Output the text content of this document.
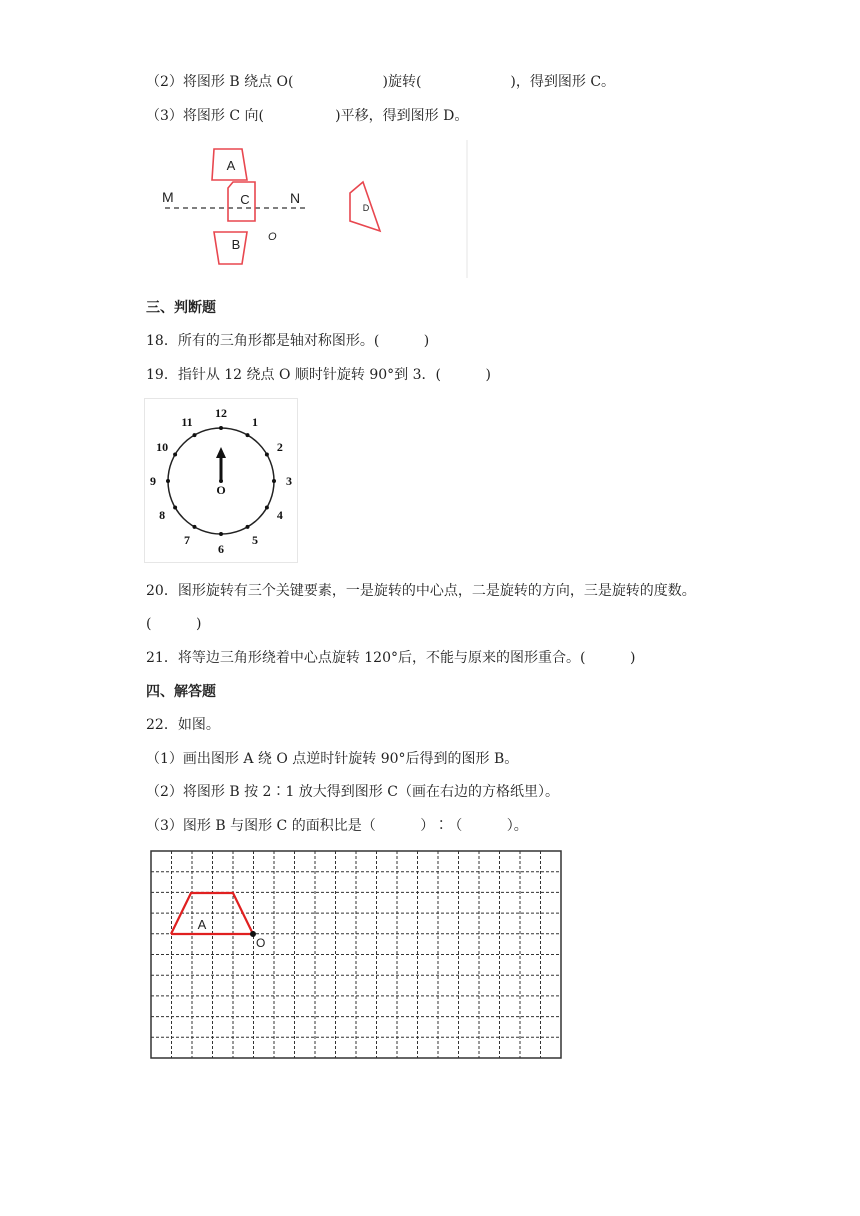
（2）将图形 B 绕点 O(                    )旋转(                    )，得到图形 C。
（3）将图形 C 向(                )平移，得到图形 D。
M	N
A
C
B	O
D
三、判断题
18．所有的三角形都是轴对称图形。(          )
19．指针从 12 绕点 O 顺时针旋转 90°到 3．(          )
12
1
2
3
4
5
6
7
8
9
10
11
O
20．图形旋转有三个关键要素，一是旋转的中心点，二是旋转的方向，三是旋转的度数。
(          )
21．将等边三角形绕着中心点旋转 120°后，不能与原来的图形重合。(          )
四、解答题
22．如图。
（1）画出图形 A 绕 O 点逆时针旋转 90°后得到的图形 B。
（2）将图形 B 按 2∶1 放大得到图形 C（画在右边的方格纸里）。
（3）图形 B 与图形 C 的面积比是（          ）∶（          ）。
A
O
